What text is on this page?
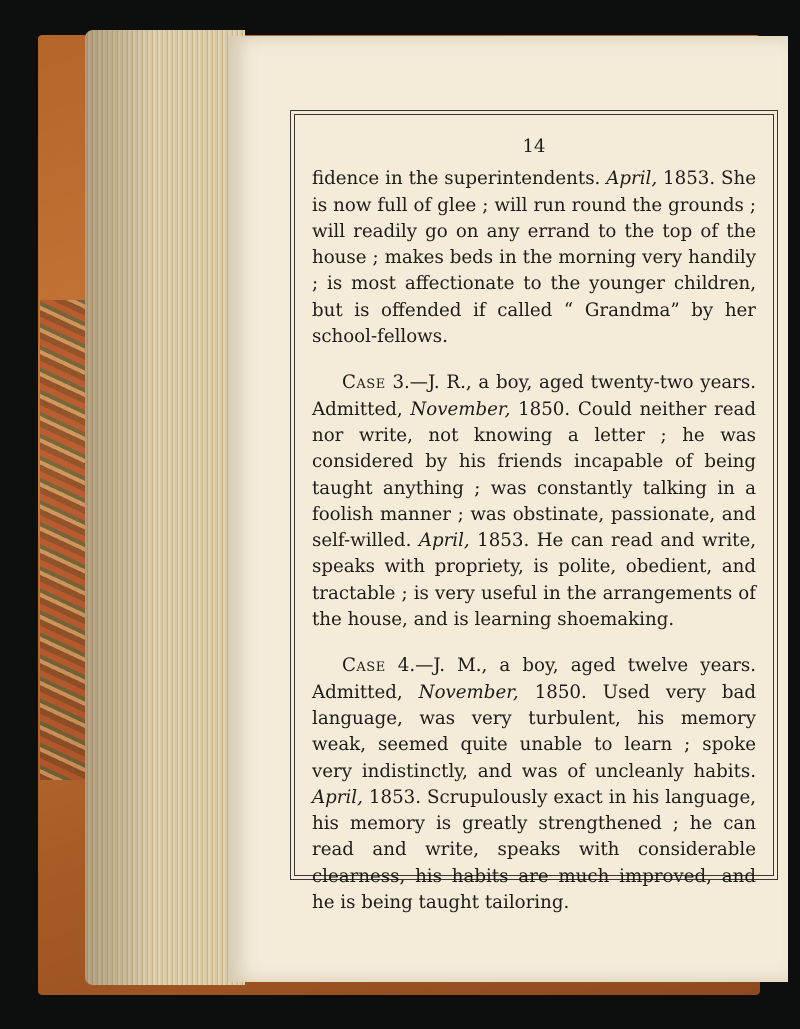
14

fidence in the superintendents. April, 1853. She is now full of glee ; will run round the grounds ; will readily go on any errand to the top of the house ; makes beds in the morning very handily ; is most affectionate to the younger children, but is offended if called “ Grandma” by her school-fellows.

Case 3.—J. R., a boy, aged twenty-two years. Admitted, November, 1850. Could neither read nor write, not knowing a letter ; he was considered by his friends incapable of being taught anything ; was constantly talking in a foolish manner ; was obstinate, passionate, and self-willed. April, 1853. He can read and write, speaks with propriety, is polite, obedient, and tractable ; is very useful in the arrangements of the house, and is learning shoemaking.

Case 4.—J. M., a boy, aged twelve years. Admitted, November, 1850. Used very bad language, was very turbulent, his memory weak, seemed quite unable to learn ; spoke very indistinctly, and was of uncleanly habits. April, 1853. Scrupulously exact in his language, his memory is greatly strengthened ; he can read and write, speaks with considerable clearness, his habits are much improved, and he is being taught tailoring.
